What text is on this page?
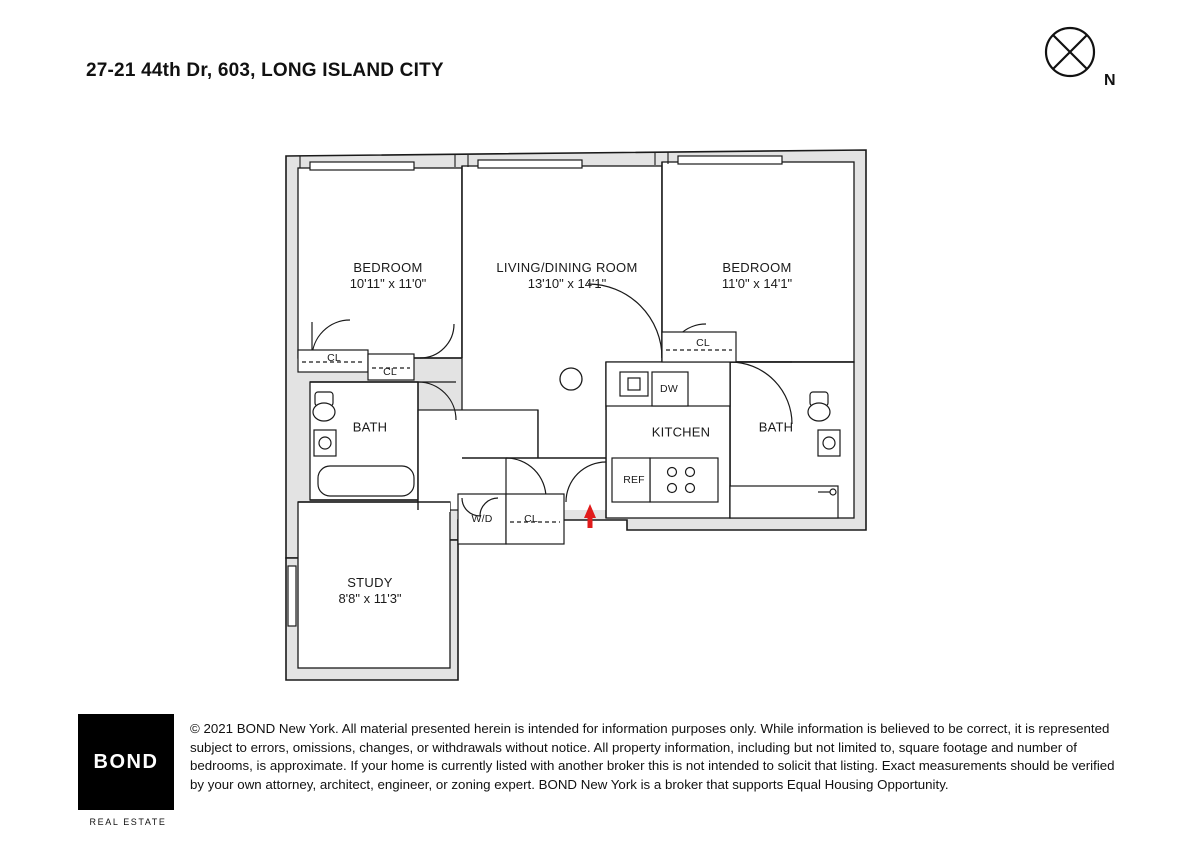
27-21 44th Dr, 603, LONG ISLAND CITY	N
BEDROOM
10'11" x 11'0"
LIVING/DINING ROOM
13'10" x 14'1"
BEDROOM
11'0" x 14'1"
STUDY
8'8" x 11'3"
BATH	BATH
KITCHEN
CL
CL
CL
CL
W/D
DW
REF
BOND
REAL ESTATE
© 2021 BOND New York. All material presented herein is intended for information purposes only. While information is believed to be correct, it is represented subject to errors, omissions, changes, or withdrawals without notice. All property information, including but not limited to, square footage and number of bedrooms, is approximate. If your home is currently listed with another broker this is not intended to solicit that listing. Exact measurements should be verified by your own attorney, architect, engineer, or zoning expert. BOND New York is a broker that supports Equal Housing Opportunity.
